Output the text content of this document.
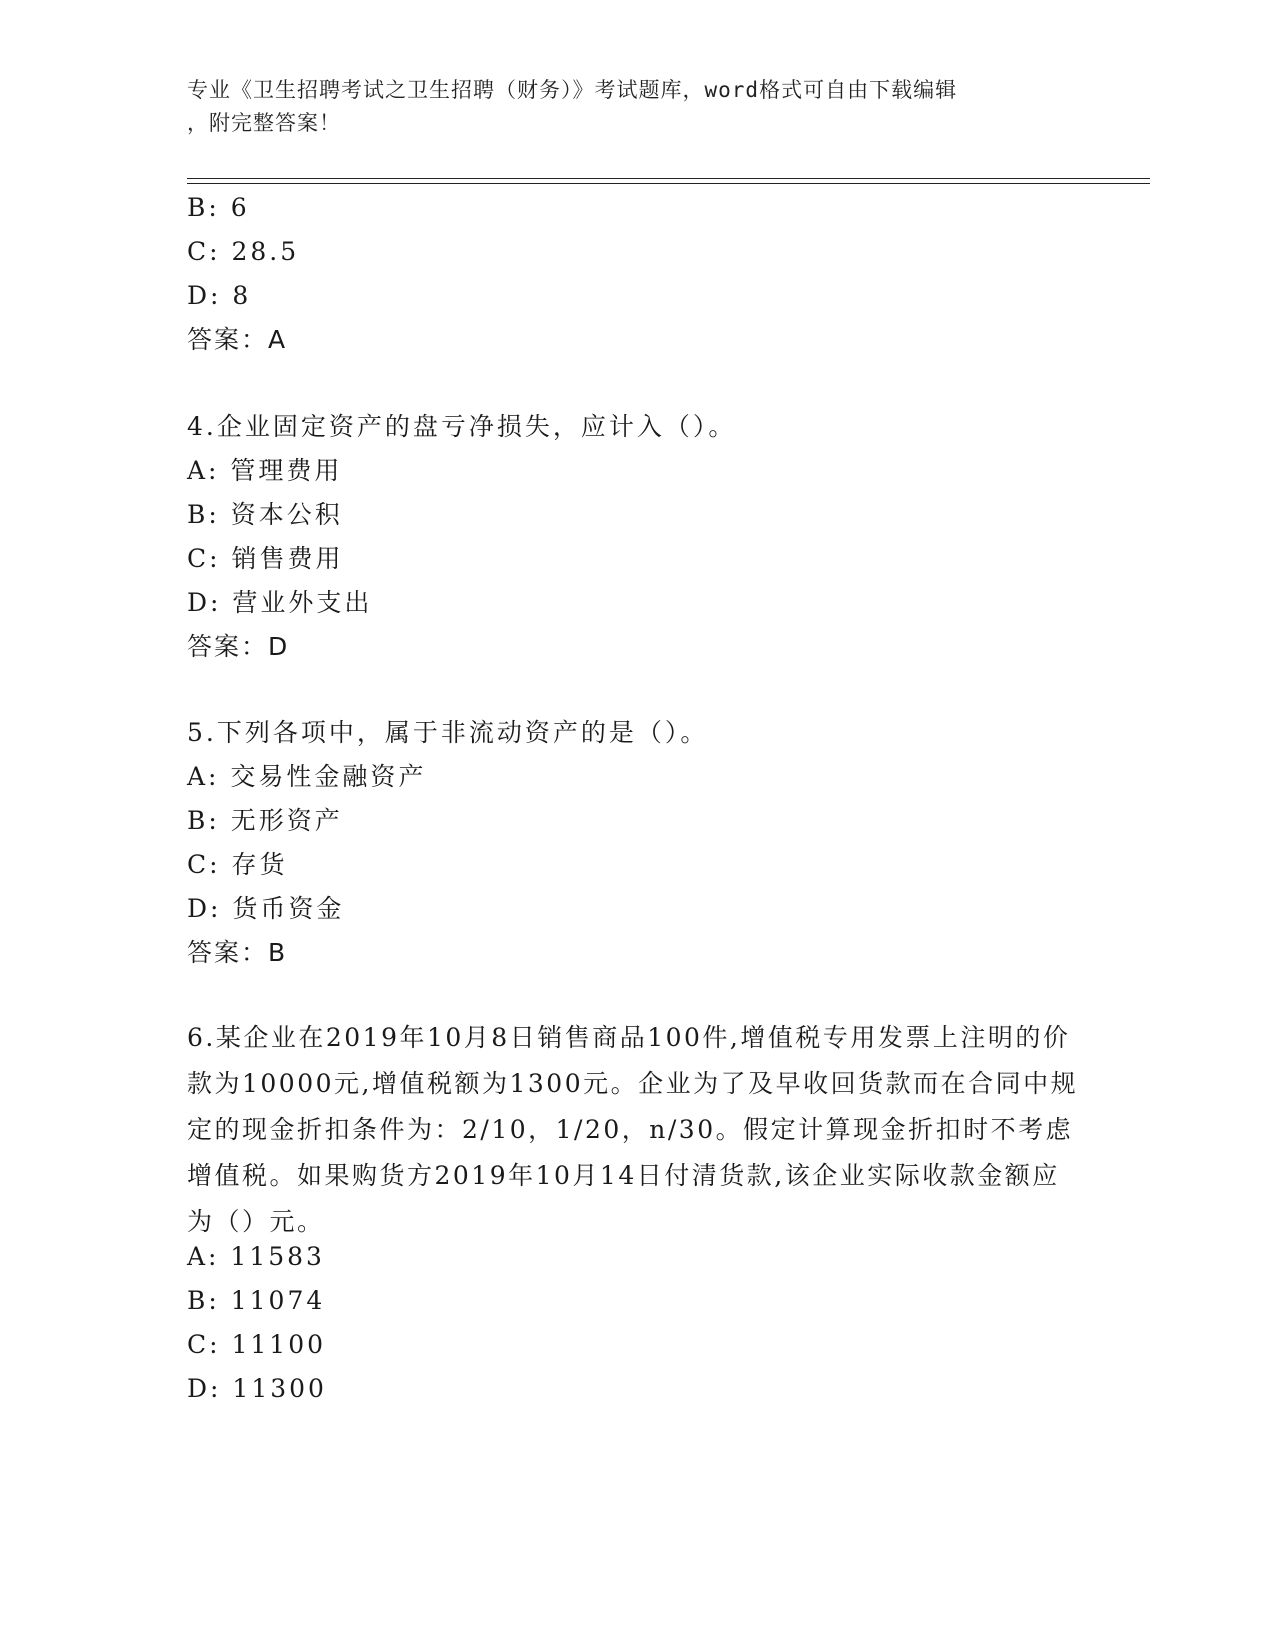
专业《卫生招聘考试之卫生招聘（财务）》考试题库，word格式可自由下载编辑
，附完整答案！
B: 6
C: 28.5
D: 8
答案：A
4.企业固定资产的盘亏净损失，应计入（）。
A: 管理费用
B: 资本公积
C: 销售费用
D: 营业外支出
答案：D
5.下列各项中，属于非流动资产的是（）。
A: 交易性金融资产
B: 无形资产
C: 存货
D: 货币资金
答案：B
6.某企业在2019年10月8日销售商品100件,增值税专用发票上注明的价款为10000元,增值税额为1300元。企业为了及早收回货款而在合同中规定的现金折扣条件为：2/10，1/20，n/30。假定计算现金折扣时不考虑增值税。如果购货方2019年10月14日付清货款,该企业实际收款金额应为（）元。
A: 11583
B: 11074
C: 11100
D: 11300
